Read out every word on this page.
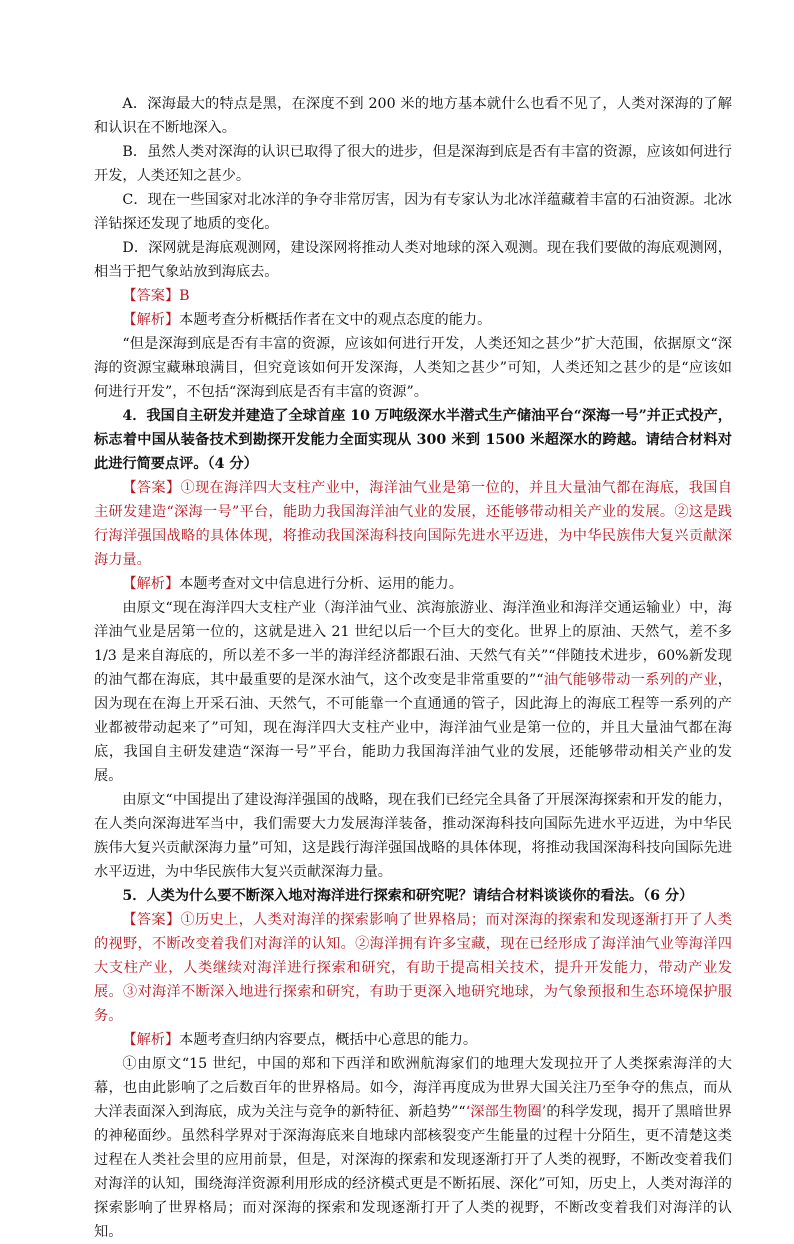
A．深海最大的特点是黑，在深度不到 200 米的地方基本就什么也看不见了，人类对深海的了解和认识在不断地深入。

B．虽然人类对深海的认识已取得了很大的进步，但是深海到底是否有丰富的资源，应该如何进行开发，人类还知之甚少。

C．现在一些国家对北冰洋的争夺非常厉害，因为有专家认为北冰洋蕴藏着丰富的石油资源。北冰洋钻探还发现了地质的变化。

D．深网就是海底观测网，建设深网将推动人类对地球的深入观测。现在我们要做的海底观测网，相当于把气象站放到海底去。

【答案】B

【解析】本题考查分析概括作者在文中的观点态度的能力。

“但是深海到底是否有丰富的资源，应该如何进行开发，人类还知之甚少”扩大范围，依据原文“深海的资源宝藏琳琅满目，但究竟该如何开发深海，人类知之甚少”可知，人类还知之甚少的是“应该如何进行开发”，不包括“深海到底是否有丰富的资源”。

4．我国自主研发并建造了全球首座 10 万吨级深水半潜式生产储油平台“深海一号”并正式投产，标志着中国从装备技术到勘探开发能力全面实现从 300 米到 1500 米超深水的跨越。请结合材料对此进行简要点评。（4 分）

【答案】①现在海洋四大支柱产业中，海洋油气业是第一位的，并且大量油气都在海底，我国自主研发建造“深海一号”平台，能助力我国海洋油气业的发展，还能够带动相关产业的发展。②这是践行海洋强国战略的具体体现，将推动我国深海科技向国际先进水平迈进，为中华民族伟大复兴贡献深海力量。

【解析】本题考查对文中信息进行分析、运用的能力。

由原文“现在海洋四大支柱产业（海洋油气业、滨海旅游业、海洋渔业和海洋交通运输业）中，海洋油气业是居第一位的，这就是进入 21 世纪以后一个巨大的变化。世界上的原油、天然气，差不多 1/3 是来自海底的，所以差不多一半的海洋经济都跟石油、天然气有关”“伴随技术进步，60%新发现的油气都在海底，其中最重要的是深水油气，这个改变是非常重要的”“油气能够带动一系列的产业，因为现在在海上开采石油、天然气，不可能靠一个直通通的管子，因此海上的海底工程等一系列的产业都被带动起来了”可知，现在海洋四大支柱产业中，海洋油气业是第一位的，并且大量油气都在海底，我国自主研发建造“深海一号”平台，能助力我国海洋油气业的发展，还能够带动相关产业的发展。

由原文“中国提出了建设海洋强国的战略，现在我们已经完全具备了开展深海探索和开发的能力，在人类向深海进军当中，我们需要大力发展海洋装备，推动深海科技向国际先进水平迈进，为中华民族伟大复兴贡献深海力量”可知，这是践行海洋强国战略的具体体现，将推动我国深海科技向国际先进水平迈进，为中华民族伟大复兴贡献深海力量。

5．人类为什么要不断深入地对海洋进行探索和研究呢？请结合材料谈谈你的看法。（6 分）

【答案】①历史上，人类对海洋的探索影响了世界格局；而对深海的探索和发现逐渐打开了人类的视野，不断改变着我们对海洋的认知。②海洋拥有许多宝藏，现在已经形成了海洋油气业等海洋四大支柱产业，人类继续对海洋进行探索和研究，有助于提高相关技术，提升开发能力，带动产业发展。③对海洋不断深入地进行探索和研究，有助于更深入地研究地球，为气象预报和生态环境保护服务。

【解析】本题考查归纳内容要点，概括中心意思的能力。

①由原文“15 世纪，中国的郑和下西洋和欧洲航海家们的地理大发现拉开了人类探索海洋的大幕，也由此影响了之后数百年的世界格局。如今，海洋再度成为世界大国关注乃至争夺的焦点，而从大洋表面深入到海底，成为关注与竞争的新特征、新趋势”“‘深部生物圈’的科学发现，揭开了黑暗世界的神秘面纱。虽然科学界对于深海海底来自地球内部核裂变产生能量的过程十分陌生，更不清楚这类过程在人类社会里的应用前景，但是，对深海的探索和发现逐渐打开了人类的视野，不断改变着我们对海洋的认知，围绕海洋资源利用形成的经济模式更是不断拓展、深化”可知，历史上，人类对海洋的探索影响了世界格局；而对深海的探索和发现逐渐打开了人类的视野，不断改变着我们对海洋的认知。
